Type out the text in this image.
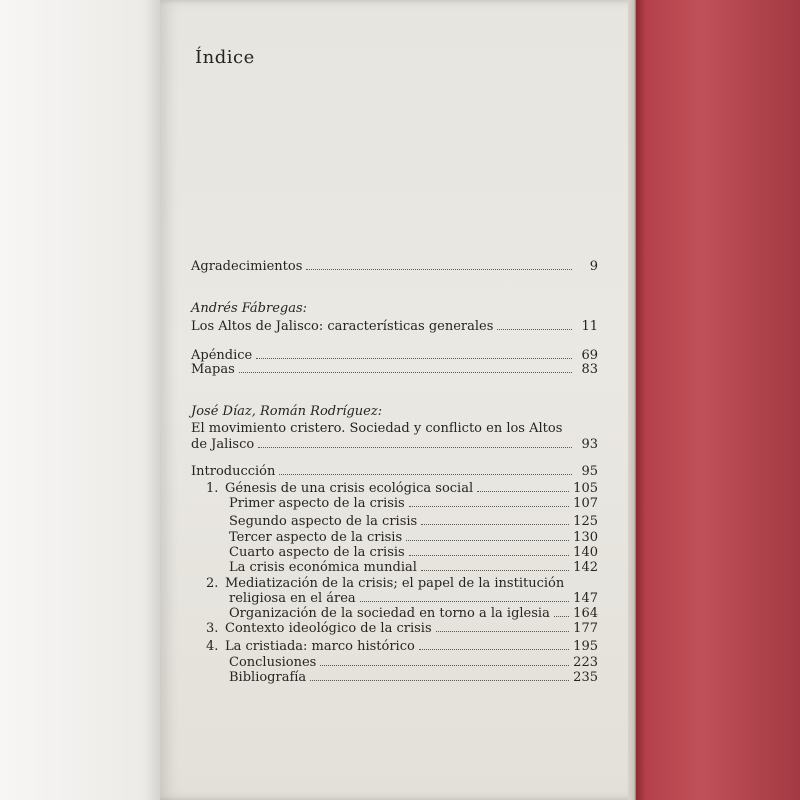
Índice
Agradecimientos	9
Andrés Fábregas:
Los Altos de Jalisco: características generales	11
Apéndice	69
Mapas	83
José Díaz, Román Rodríguez:
El movimiento cristero. Sociedad y conflicto en los Altos
de Jalisco	93
Introducción	95
1. Génesis de una crisis ecológica social	105
Primer aspecto de la crisis	107
Segundo aspecto de la crisis	125
Tercer aspecto de la crisis	130
Cuarto aspecto de la crisis	140
La crisis económica mundial	142
2. Mediatización de la crisis; el papel de la institución
religiosa en el área	147
Organización de la sociedad en torno a la iglesia 164
3. Contexto ideológico de la crisis	177
4. La cristiada: marco histórico	195
Conclusiones	223
Bibliografía	235
